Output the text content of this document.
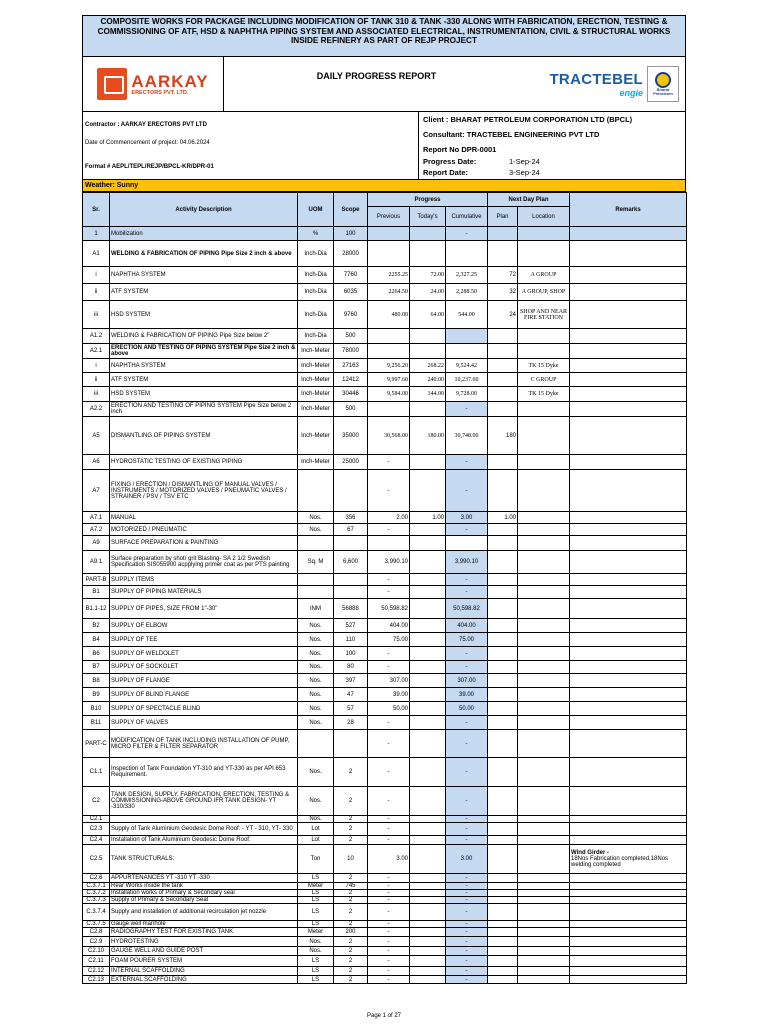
COMPOSITE WORKS FOR PACKAGE INCLUDING MODIFICATION OF TANK 310 & TANK -330 ALONG WITH FABRICATION, ERECTION, TESTING & COMMISSIONING OF ATF, HSD & NAPHTHA PIPING SYSTEM AND ASSOCIATED ELECTRICAL, INSTRUMENTATION, CIVIL & STRUCTURAL WORKS INSIDE REFINERY AS PART OF REJP PROJECT
AARKAY
ERECTORS PVT. LTD.
DAILY PROGRESS REPORT	TRACTEBEL
engie	Bharat Petroleum
Contractor : AARKAY ERECTORS PVT LTD
Date of Commencement of project: 04.06.2024
Format # AEPL/TEPL/REJP/BPCL-KR/DPR-01
Client : BHARAT PETROLEUM CORPORATION LTD (BPCL)
Consultant: TRACTEBEL ENGINEERING PVT LTD
Report No DPR-0001
Progress Date:	1-Sep-24
Report Date:	3-Sep-24
Weather: Sunny
Sr.	Activity Description	UOM	Scope	Progress			Next Day Plan		Remarks
				Previous	Today's	Cumulative	Plan	Location	
1	Mobilization	%	100			-			
A1	WELDING & FABRICATION OF PIPING Pipe Size 2 inch & above	Inch-Dia	28000						
i	NAPHTHA SYSTEM	Inch-Dia	7760	2255.25	72.00	2,327.25	72	A GROUP	
ii	ATF SYSTEM	Inch-Dia	6035	2264.50	24.00	2,288.50	32	A GROUP, SHOP	
iii	HSD SYSTEM	Inch-Dia	9760	480.00	64.00	544.00	24	SHOP AND NEAR FIRE STATION	
A1.2	WELDING & FABRICATION OF PIPING Pipe Size below 2"	Inch-Dia	500						
A2.1	ERECTION AND TESTING OF PIPING SYSTEM Pipe Size 2 inch & above	Inch-Meter	78000						
i	NAPHTHA SYSTEM	Inch-Meter	27163	9,256.20	268.22	9,524.42		TK 15 Dyke	
ii	ATF SYSTEM	Inch-Meter	12412	9,997.60	240.00	10,237.60		C GROUP	
iii	HSD SYSTEM	Inch-Meter	30446	9,584.00	144.00	9,728.00		TK 15 Dyke	
A2.2	ERECTION AND TESTING OF PIPING SYSTEM Pipe Size below 2 inch	Inch-Meter	500			-			
A5	DISMANTLING OF PIPING SYSTEM	Inch-Meter	35000	30,568.00	180.00	30,748.00	180		
A6	HYDROSTATIC TESTING OF EXISTING PIPING	Inch-Meter	25000	-		-			
A7	FIXING / ERECTION / DISMANTLING OF MANUAL VALVES / INSTRUMENTS / MOTORIZED VALVES / PNEUMATIC VALVES / STRAINER / PSV / TSV ETC			-		-			
A7.1	MANUAL	Nos.	356	2.00	1.00	3.00	1.00		
A7.2	MOTORIZED / PNEUMATIC	Nos.	67	-		-			
A9	SURFACE PREPARATION & PAINTING								
A9.1	Surface preparation by shot/ grit Blasting- SA 2 1/2 Swedish Specification SIS055900 acpplying primer coat as per PTS painting	Sq. M	6,600	3,990.10		3,990.10			
PART-B	SUPPLY ITEMS			-		-			
B1	SUPPLY OF PIPING MATERIALS			-		-			
B1.1-12	SUPPLY OF PIPES, SIZE FROM 1"-30"	INM	56888	50,598.82		50,598.82			
B2	SUPPLY OF ELBOW	Nos.	527	404.00		404.00			
B4	SUPPLY OF TEE	Nos.	110	75.00		75.00			
B6	SUPPLY OF WELDOLET	Nos.	100	-		-			
B7	SUPPLY OF SOCKOLET	Nos.	80	-		-			
B8	SUPPLY OF FLANGE	Nos.	397	307.00		307.00			
B9	SUPPLY OF BLIND FLANGE	Nos.	47	39.00		39.00			
B10	SUPPLY OF SPECTACLE BLIND	Nos.	57	50.00		50.00			
B11	SUPPLY OF VALVES	Nos.	28	-		-			
PART-C	MODIFICATION OF TANK INCLUDING INSTALLATION OF PUMP, MICRO FILTER & FILTER SEPARATOR			-		-			
C1.1	Inspection of Tank Foundation YT-310 and YT-330 as per API 653 Requirement.	Nos.	2	-		-			
C2	TANK DESIGN, SUPPLY, FABRICATION, ERECTION, TESTING & COMMISSIONING-ABOVE GROUND IFR TANK DESIGN- YT -310/330	Nos.	2	-		-			
C2.1		Nos.	2	-		-			
C2.3	Supply of Tank Aluminium Geodesic Dome Roof: - YT - 310, YT- 330	Lot	2	-		-			
C2.4	Installation of Tank Aluminium Geodesic Dome Roof:	Lot	2	-		-			
C2.5	TANK STRUCTURALS:	Ton	10	3.00		3.00			Wind Girder -
18Nos Fabrication completed,18Nos welding completed
C2.6	APPURTENANCES YT -310 YT -330	LS	2	-		-			
C.3.7.1	Rear Works inside the tank	Meter	745	-		-			
C.3.7.2	Installation works of Primary & Secondary seal	LS	2	-		-			
C.3.7.3	Supply of Primary & Secondary Seal	LS	2	-		-			
C.3.7.4	Supply and installation of additional recirculation jet nozzle	LS	2	-		-			
C.3.7.5	Gauge well manhole	LS	2	-		-			
C2.8	RADIOGRAPHY TEST FOR EXISTING TANK	Meter	200	-		-			
C2.9	HYDROTESTING	Nos.	2	-		-			
C2.10	GAUGE WELL AND GUIDE POST	Nos.	2	-		-			
C2.11	FOAM POURER SYSTEM	LS	2	-		-			
C2.12	INTERNAL SCAFFOLDING	LS	2	-		-			
C2.13	EXTERNAL SCAFFOLDING	LS	2	-		-			
Page 1 of 27
